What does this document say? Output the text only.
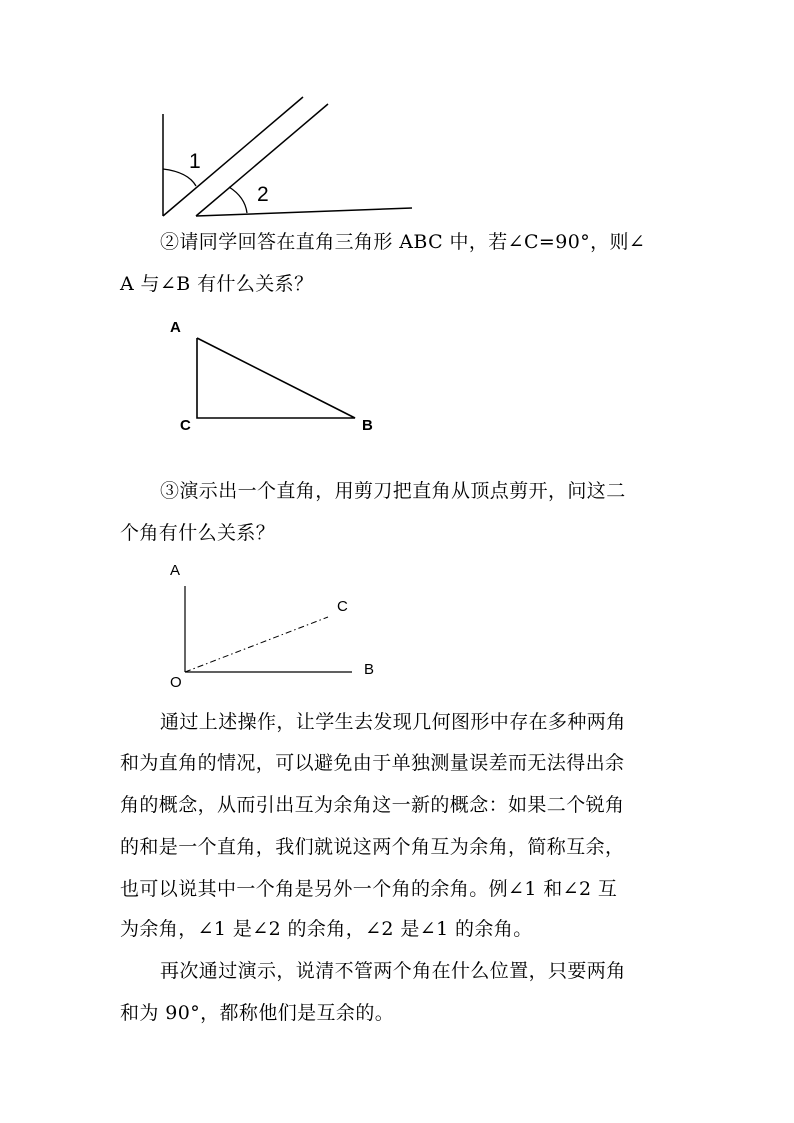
1
2
②请同学回答在直角三角形 ABC 中，若∠C=90°，则∠
A 与∠B 有什么关系？
A
C	B
③演示出一个直角，用剪刀把直角从顶点剪开，问这二
个角有什么关系？
A
C
O
B
通过上述操作，让学生去发现几何图形中存在多种两角
和为直角的情况，可以避免由于单独测量误差而无法得出余
角的概念，从而引出互为余角这一新的概念：如果二个锐角
的和是一个直角，我们就说这两个角互为余角，简称互余，
也可以说其中一个角是另外一个角的余角。例∠1 和∠2 互
为余角，∠1 是∠2 的余角，∠2 是∠1 的余角。
再次通过演示，说清不管两个角在什么位置，只要两角
和为 90°，都称他们是互余的。
